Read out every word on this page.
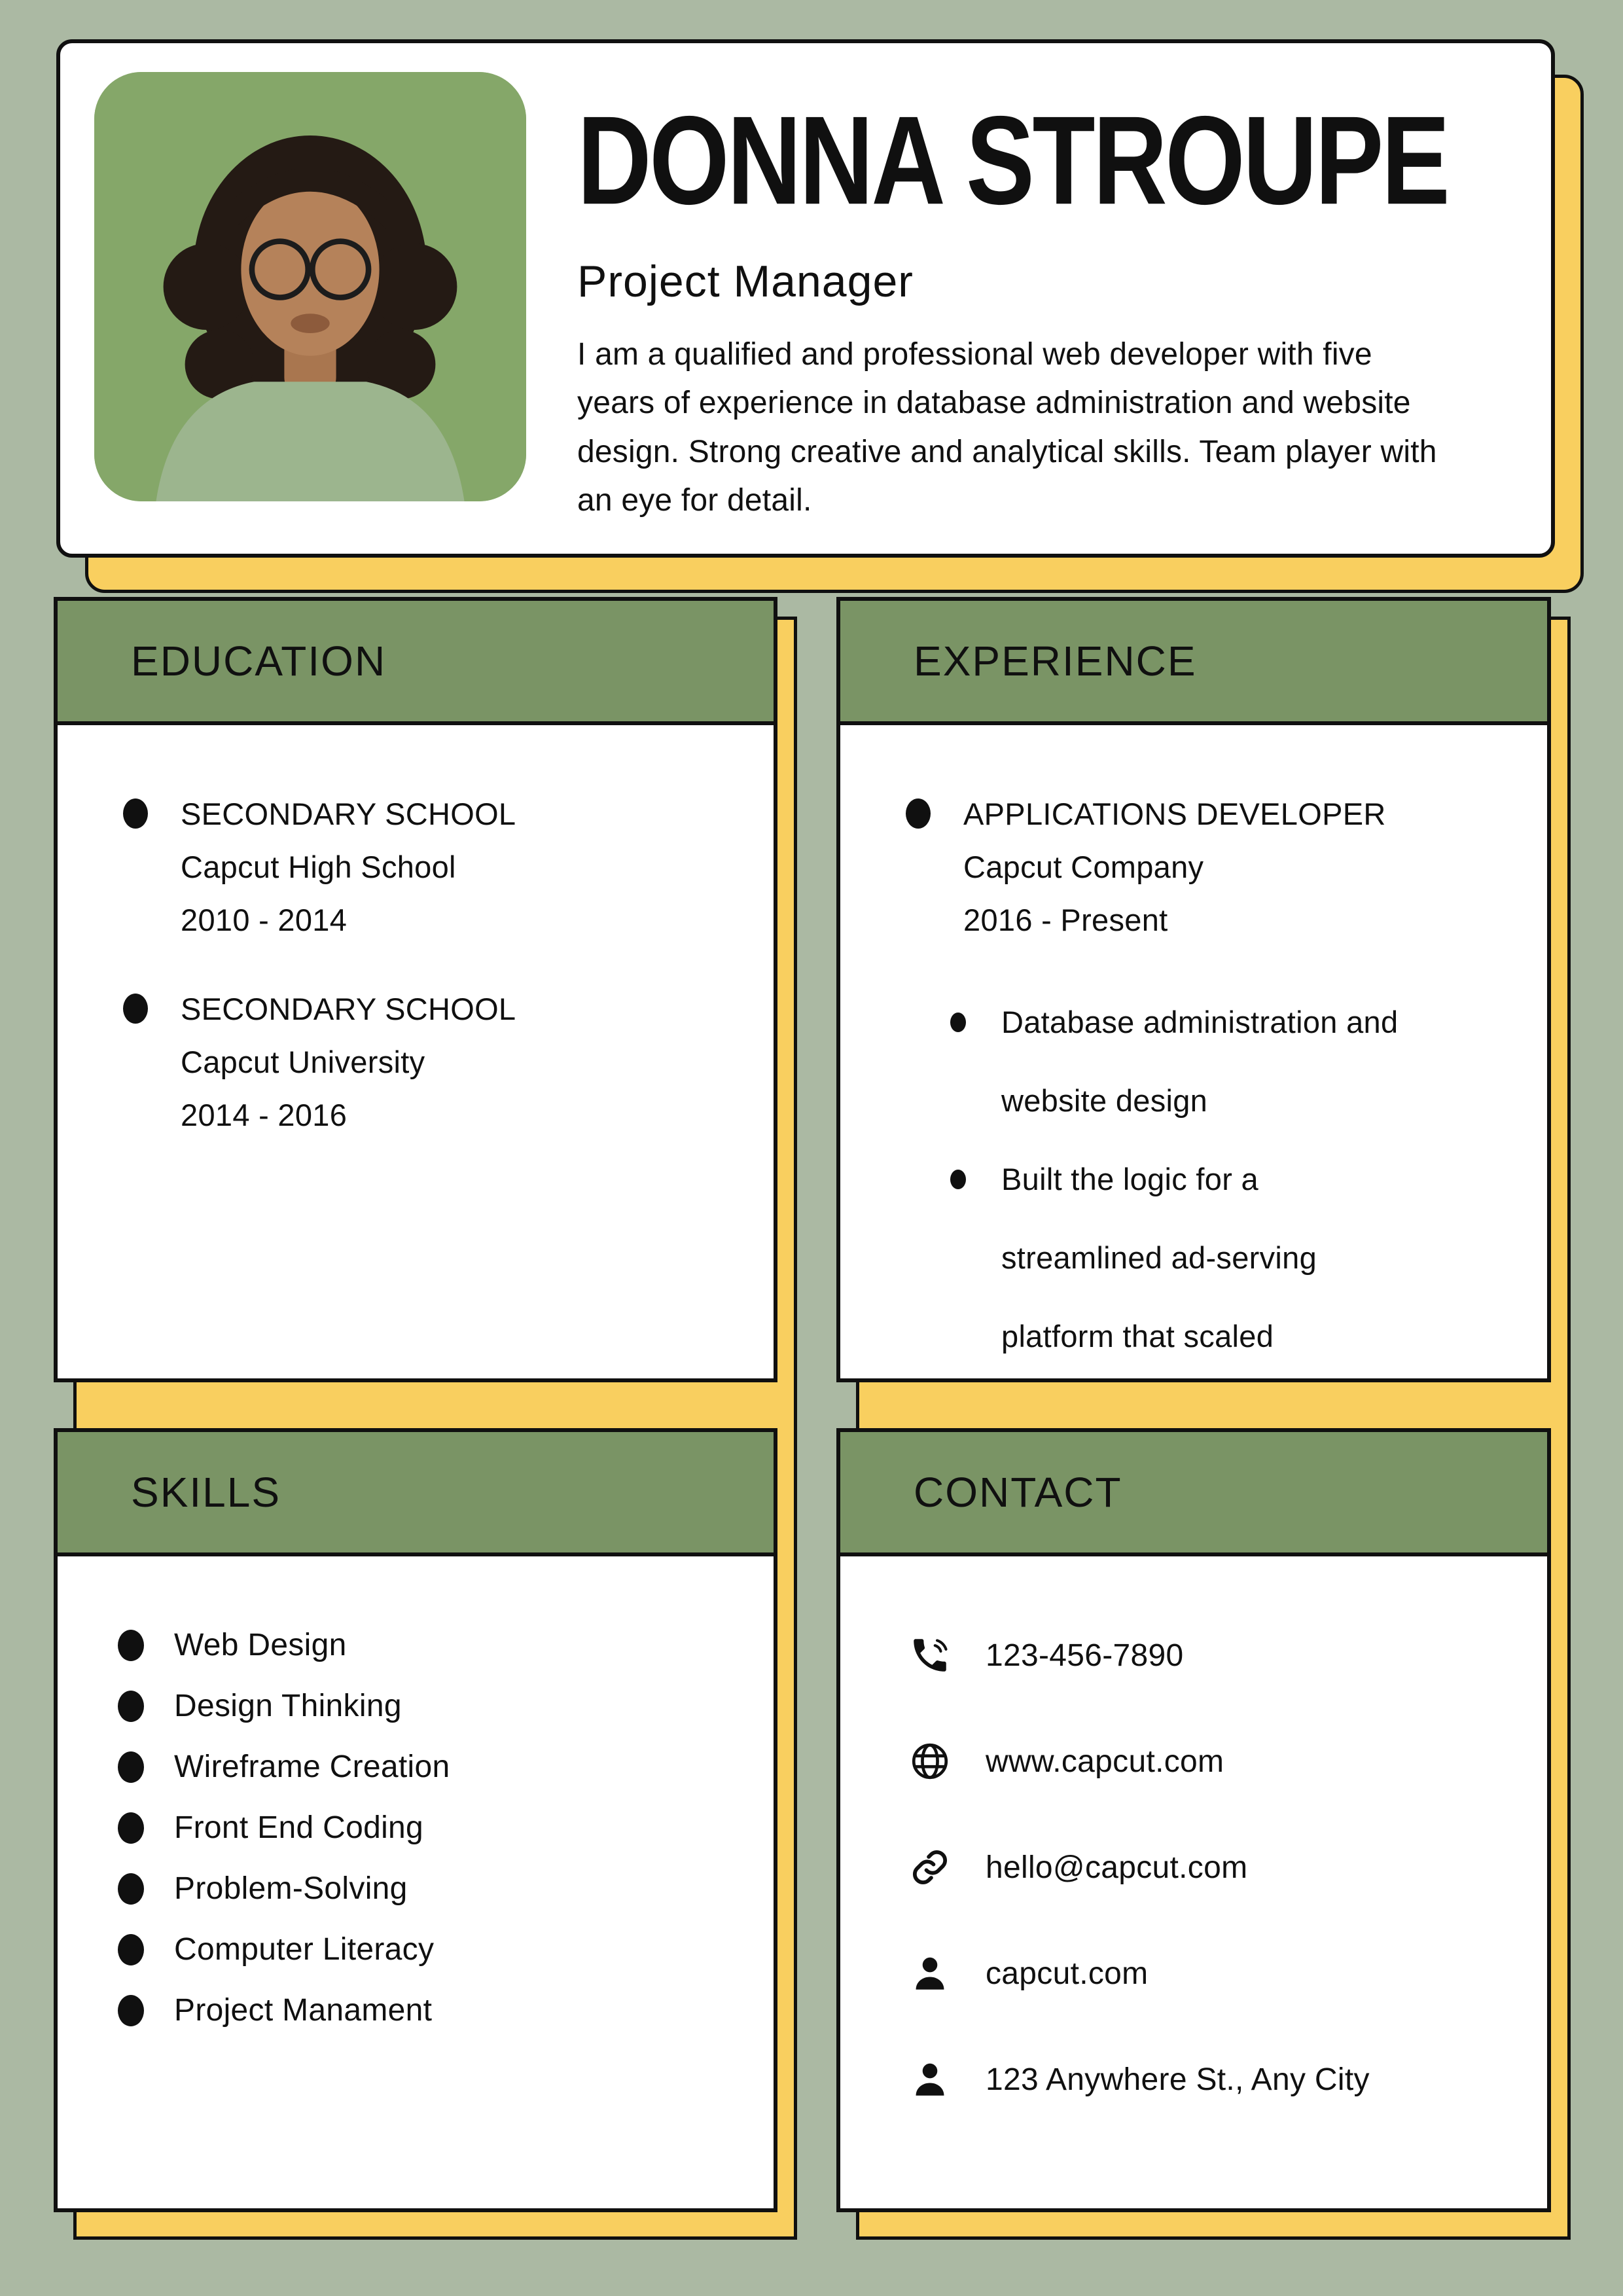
DONNA STROUPE
Project Manager

I am a qualified and professional web developer with five years of experience in database administration and website design. Strong creative and analytical skills. Team player with an eye for detail.

EDUCATION
SECONDARY SCHOOL
Capcut High School
2010 - 2014
SECONDARY SCHOOL
Capcut University
2014 - 2016
SKILLS
Web Design
Design Thinking
Wireframe Creation
Front End Coding
Problem-Solving
Computer Literacy
Project Manament
EXPERIENCE
APPLICATIONS DEVELOPER
Capcut Company
2016 - Present
Database administration and website design
Built the logic for a streamlined ad-serving platform that scaled
CONTACT
123-456-7890
www.capcut.com
hello@capcut.com
capcut.com
123 Anywhere St., Any City
